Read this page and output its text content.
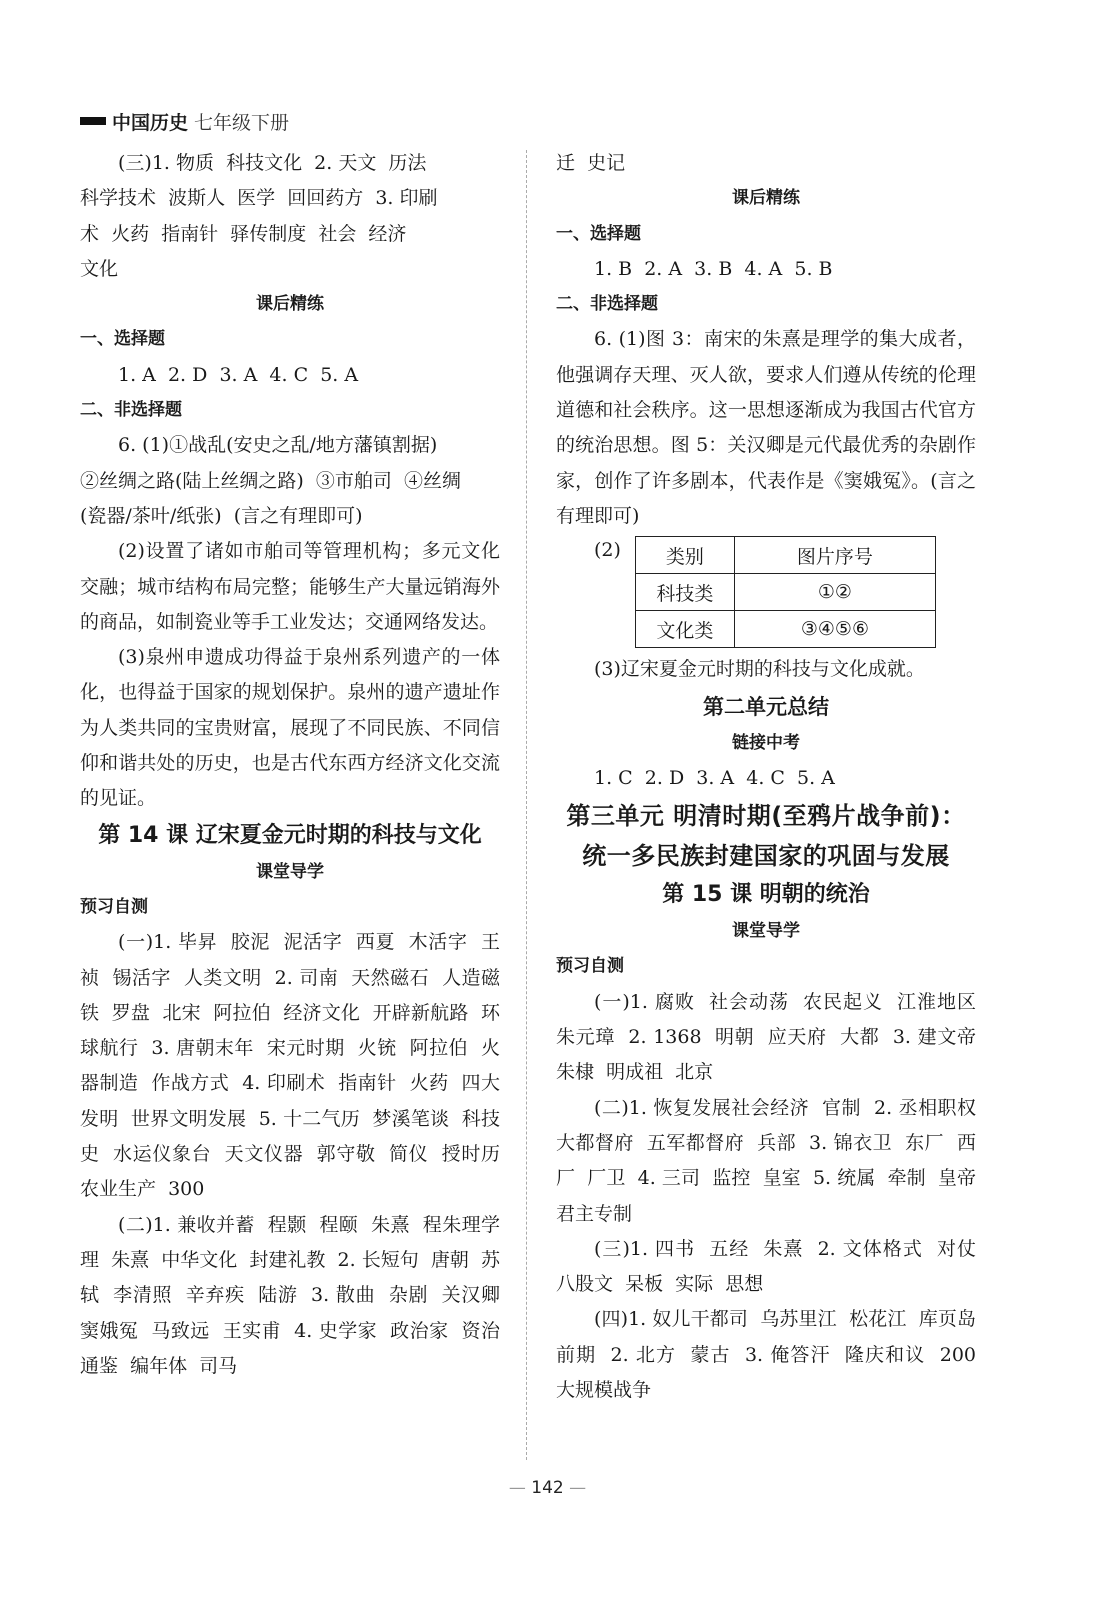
中国历史 七年级下册
(三)1. 物质  科技文化  2. 天文  历法
科学技术  波斯人  医学  回回药方  3. 印刷
术  火药  指南针  驿传制度  社会  经济
文化
课后精练
一、选择题
1. A  2. D  3. A  4. C  5. A
二、非选择题
6. (1)①战乱(安史之乱/地方藩镇割据)
②丝绸之路(陆上丝绸之路)  ③市舶司  ④丝绸
(瓷器/茶叶/纸张)  (言之有理即可)
(2)设置了诸如市舶司等管理机构；多元文化交融；城市结构布局完整；能够生产大量远销海外的商品，如制瓷业等手工业发达；交通网络发达。
(3)泉州申遗成功得益于泉州系列遗产的一体化，也得益于国家的规划保护。泉州的遗产遗址作为人类共同的宝贵财富，展现了不同民族、不同信仰和谐共处的历史，也是古代东西方经济文化交流的见证。
第 14 课 辽宋夏金元时期的科技与文化
课堂导学
预习自测
(一)1. 毕昇  胶泥  泥活字  西夏  木活字  王祯  锡活字  人类文明  2. 司南  天然磁石  人造磁铁  罗盘  北宋  阿拉伯  经济文化  开辟新航路  环球航行  3. 唐朝末年  宋元时期  火铳  阿拉伯  火器制造  作战方式  4. 印刷术  指南针  火药  四大发明  世界文明发展  5. 十二气历  梦溪笔谈  科技史  水运仪象台  天文仪器  郭守敬  简仪  授时历  农业生产  300
(二)1. 兼收并蓄  程颢  程颐  朱熹  程朱理学  理  朱熹  中华文化  封建礼教  2. 长短句  唐朝  苏轼  李清照  辛弃疾  陆游  3. 散曲  杂剧  关汉卿  窦娥冤  马致远  王实甫  4. 史学家  政治家  资治通鉴  编年体  司马
迁  史记
课后精练
一、选择题
1. B  2. A  3. B  4. A  5. B
二、非选择题
6. (1)图 3：南宋的朱熹是理学的集大成者，他强调存天理、灭人欲，要求人们遵从传统的伦理道德和社会秩序。这一思想逐渐成为我国古代官方的统治思想。图 5：关汉卿是元代最优秀的杂剧作家，创作了许多剧本，代表作是《窦娥冤》。(言之有理即可)
(2) 类别	图片序号
科技类	①②
文化类	③④⑤⑥
(3)辽宋夏金元时期的科技与文化成就。
第二单元总结
链接中考
1. C  2. D  3. A  4. C  5. A
第三单元 明清时期(至鸦片战争前)：
统一多民族封建国家的巩固与发展
第 15 课 明朝的统治
课堂导学
预习自测
(一)1. 腐败  社会动荡  农民起义  江淮地区  朱元璋  2. 1368  明朝  应天府  大都  3. 建文帝  朱棣  明成祖  北京
(二)1. 恢复发展社会经济  官制  2. 丞相职权  大都督府  五军都督府  兵部  3. 锦衣卫  东厂  西厂  厂卫  4. 三司  监控  皇室  5. 统属  牵制  皇帝  君主专制
(三)1. 四书  五经  朱熹  2. 文体格式  对仗  八股文  呆板  实际  思想
(四)1. 奴儿干都司  乌苏里江  松花江  库页岛  前期  2. 北方  蒙古  3. 俺答汗  隆庆和议  200  大规模战争
— 142 —
